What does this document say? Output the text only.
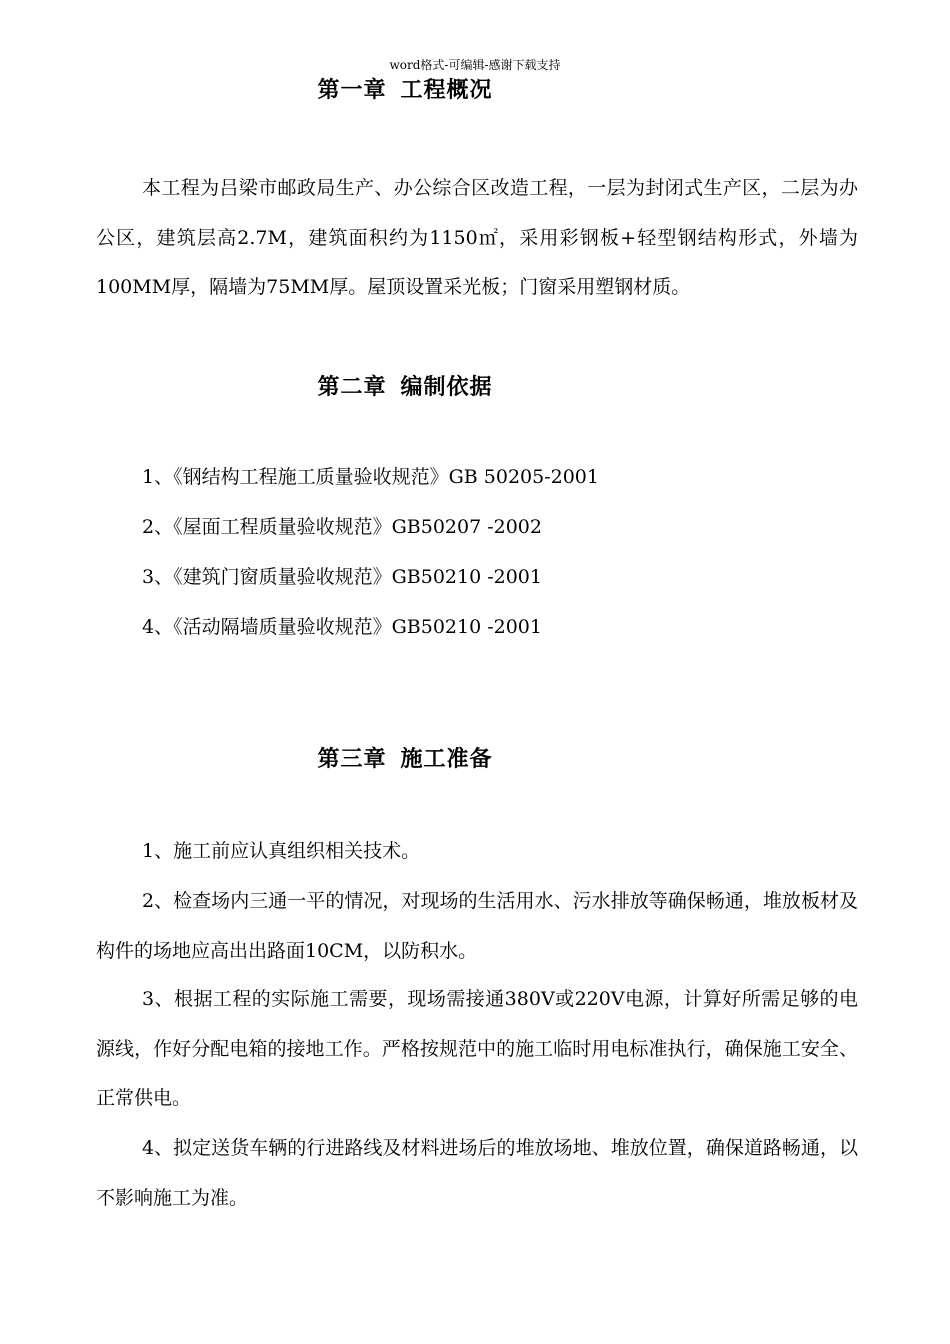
word格式-可编辑-感谢下载支持
第一章 工程概况
本工程为吕梁市邮政局生产、办公综合区改造工程，一层为封闭式生产区，二层为办公区，建筑层高2.7M，建筑面积约为1150㎡，采用彩钢板+轻型钢结构形式，外墙为100MM厚，隔墙为75MM厚。屋顶设置采光板；门窗采用塑钢材质。
第二章 编制依据
1、《钢结构工程施工质量验收规范》GB 50205-2001
2、《屋面工程质量验收规范》GB50207 -2002
3、《建筑门窗质量验收规范》GB50210 -2001
4、《活动隔墙质量验收规范》GB50210 -2001
第三章 施工准备
1、施工前应认真组织相关技术。
2、检查场内三通一平的情况，对现场的生活用水、污水排放等确保畅通，堆放板材及构件的场地应高出出路面10CM，以防积水。
3、根据工程的实际施工需要，现场需接通380V或220V电源，计算好所需足够的电源线，作好分配电箱的接地工作。严格按规范中的施工临时用电标准执行，确保施工安全、正常供电。
4、拟定送货车辆的行进路线及材料进场后的堆放场地、堆放位置，确保道路畅通，以不影响施工为准。
